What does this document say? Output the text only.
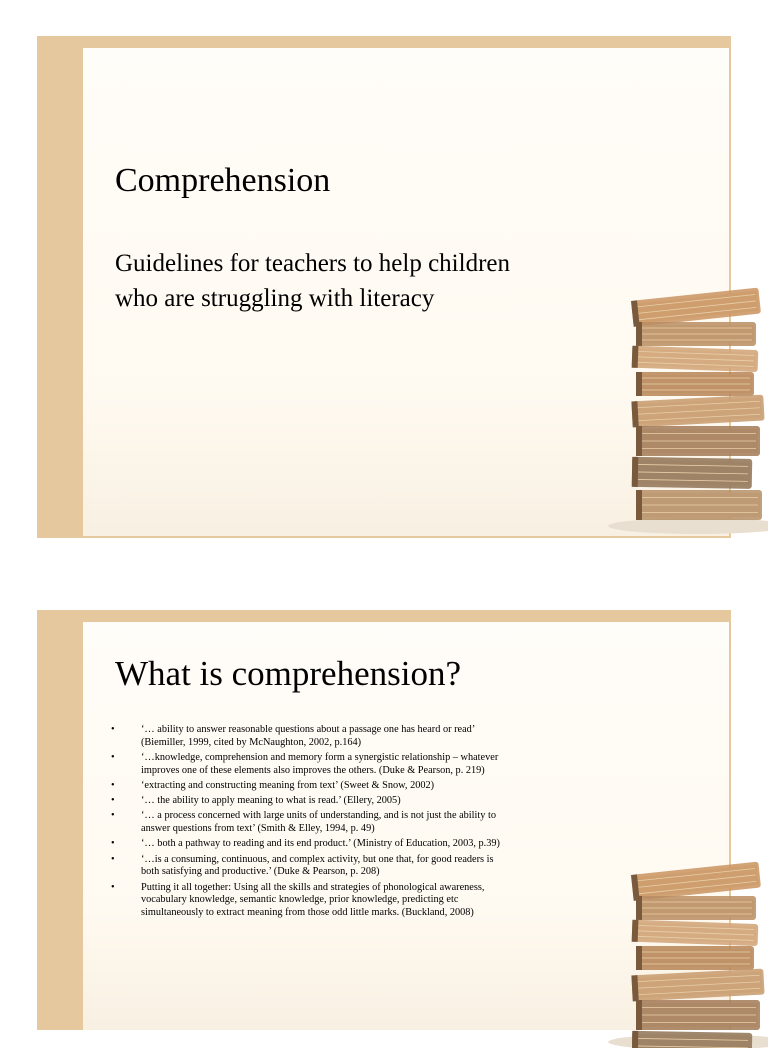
Comprehension

Guidelines for teachers to help children who are struggling with literacy

What is comprehension?
•	‘… ability to answer reasonable questions about a passage one has heard or read’ (Biemiller, 1999, cited by McNaughton, 2002, p.164)
•	‘…knowledge, comprehension and memory form a synergistic relationship – whatever improves one of these elements also improves the others. (Duke & Pearson, p. 219)
•	‘extracting and constructing meaning from text’ (Sweet & Snow, 2002)
•	‘… the ability to apply meaning to what is read.’ (Ellery, 2005)
•	‘… a process concerned with large units of understanding, and is not just the ability to answer questions from text’ (Smith & Elley, 1994, p. 49)
•	‘… both a pathway to reading and its end product.’ (Ministry of Education, 2003, p.39)
•	‘…is a consuming, continuous, and complex activity, but one that, for good readers is both satisfying and productive.’ (Duke & Pearson, p. 208)
•	Putting it all together: Using all the skills and strategies of phonological awareness, vocabulary knowledge, semantic knowledge, prior knowledge, predicting etc simultaneously to extract meaning from those odd little marks. (Buckland, 2008)
